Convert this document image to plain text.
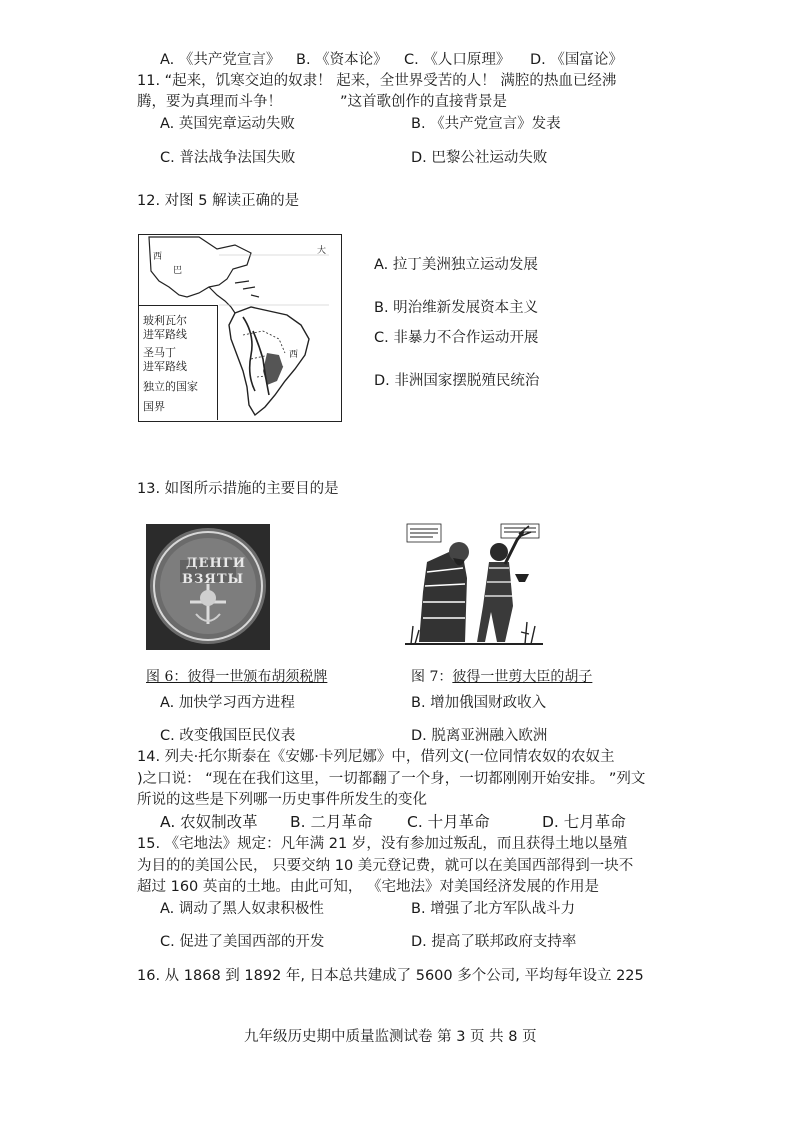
A. 《共产党宣言》 B. 《资本论》 C. 《人口原理》 D. 《国富论》
11. “起来，饥寒交迫的奴隶！ 起来，全世界受苦的人！ 满腔的热血已经沸
腾，要为真理而斗争！	”这首歌创作的直接背景是
A. 英国宪章运动失败	B. 《共产党宣言》发表
C. 普法战争法国失败	D. 巴黎公社运动失败
12. 对图 5 解读正确的是
西
巴
大
西
玻利瓦尔
进军路线
圣马丁
进军路线
独立的国家
国界
A. 拉丁美洲独立运动发展
B. 明治维新发展资本主义
C. 非暴力不合作运动开展
D. 非洲国家摆脱殖民统治
13. 如图所示措施的主要目的是
ДЕНГИ
ВЗЯТЫ
图 6：彼得一世颁布胡须税牌	图 7：彼得一世剪大臣的胡子
A. 加快学习西方进程	B. 增加俄国财政收入
C. 改变俄国臣民仪表	D. 脱离亚洲融入欧洲
14. 列夫·托尔斯泰在《安娜·卡列尼娜》中，借列文(一位同情农奴的农奴主
)之口说： “现在在我们这里，一切都翻了一个身，一切都刚刚开始安排。 ”列文
所说的这些是下列哪一历史事件所发生的变化
A. 农奴制改革 B. 二月革命 C. 十月革命	D. 七月革命
15. 《宅地法》规定：凡年满 21 岁，没有参加过叛乱，而且获得土地以垦殖
为目的的美国公民， 只要交纳 10 美元登记费，就可以在美国西部得到一块不
超过 160 英亩的土地。由此可知， 《宅地法》对美国经济发展的作用是
A. 调动了黑人奴隶积极性	B. 增强了北方军队战斗力
C. 促进了美国西部的开发	D. 提高了联邦政府支持率
16. 从 1868 到 1892 年, 日本总共建成了 5600 多个公司, 平均每年设立 225
九年级历史期中质量监测试卷 第 3 页 共 8 页
